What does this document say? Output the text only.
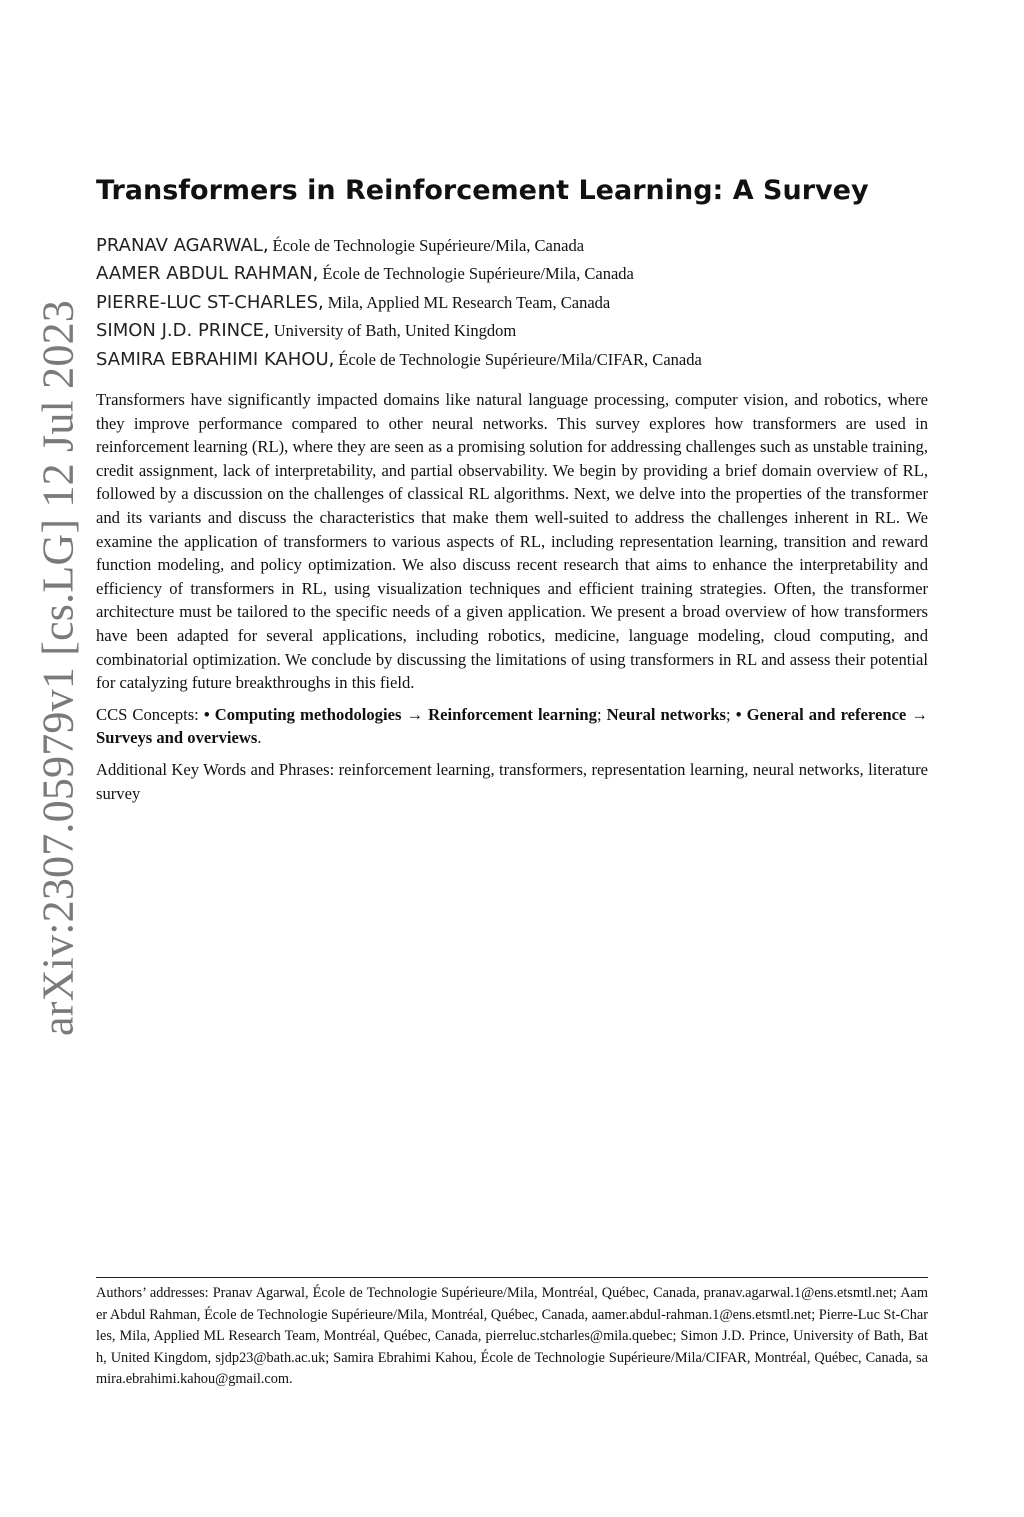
arXiv:2307.05979v1 [cs.LG] 12 Jul 2023
Transformers in Reinforcement Learning: A Survey
PRANAV AGARWAL, École de Technologie Supérieure/Mila, Canada
AAMER ABDUL RAHMAN, École de Technologie Supérieure/Mila, Canada
PIERRE-LUC ST-CHARLES, Mila, Applied ML Research Team, Canada
SIMON J.D. PRINCE, University of Bath, United Kingdom
SAMIRA EBRAHIMI KAHOU, École de Technologie Supérieure/Mila/CIFAR, Canada

Transformers have significantly impacted domains like natural language processing, computer vision, and robotics, where they improve performance compared to other neural networks. This survey explores how transformers are used in reinforcement learning (RL), where they are seen as a promising solution for addressing challenges such as unstable training, credit assignment, lack of interpretability, and partial observability. We begin by providing a brief domain overview of RL, followed by a discussion on the challenges of classical RL algorithms. Next, we delve into the properties of the transformer and its variants and discuss the characteristics that make them well-suited to address the challenges inherent in RL. We examine the application of transformers to various aspects of RL, including representation learning, transition and reward function modeling, and policy optimization. We also discuss recent research that aims to enhance the interpretability and efficiency of transformers in RL, using visualization techniques and efficient training strategies. Often, the transformer architecture must be tailored to the specific needs of a given application. We present a broad overview of how transformers have been adapted for several applications, including robotics, medicine, language modeling, cloud computing, and combinatorial optimization. We conclude by discussing the limitations of using transformers in RL and assess their potential for catalyzing future breakthroughs in this field.

CCS Concepts: • Computing methodologies → Reinforcement learning; Neural networks; • General and reference → Surveys and overviews.

Additional Key Words and Phrases: reinforcement learning, transformers, representation learning, neural networks, literature survey

Authors’ addresses: Pranav Agarwal, École de Technologie Supérieure/Mila, Montréal, Québec, Canada, pranav.agarwal.1@ens.etsmtl.net; Aamer Abdul Rahman, École de Technologie Supérieure/Mila, Montréal, Québec, Canada, aamer.abdul-rahman.1@ens.etsmtl.net; Pierre-Luc St-Charles, Mila, Applied ML Research Team, Montréal, Québec, Canada, pierreluc.stcharles@mila.quebec; Simon J.D. Prince, University of Bath, Bath, United Kingdom, sjdp23@bath.ac.uk; Samira Ebrahimi Kahou, École de Technologie Supérieure/Mila/CIFAR, Montréal, Québec, Canada, samira.ebrahimi.kahou@gmail.com.
